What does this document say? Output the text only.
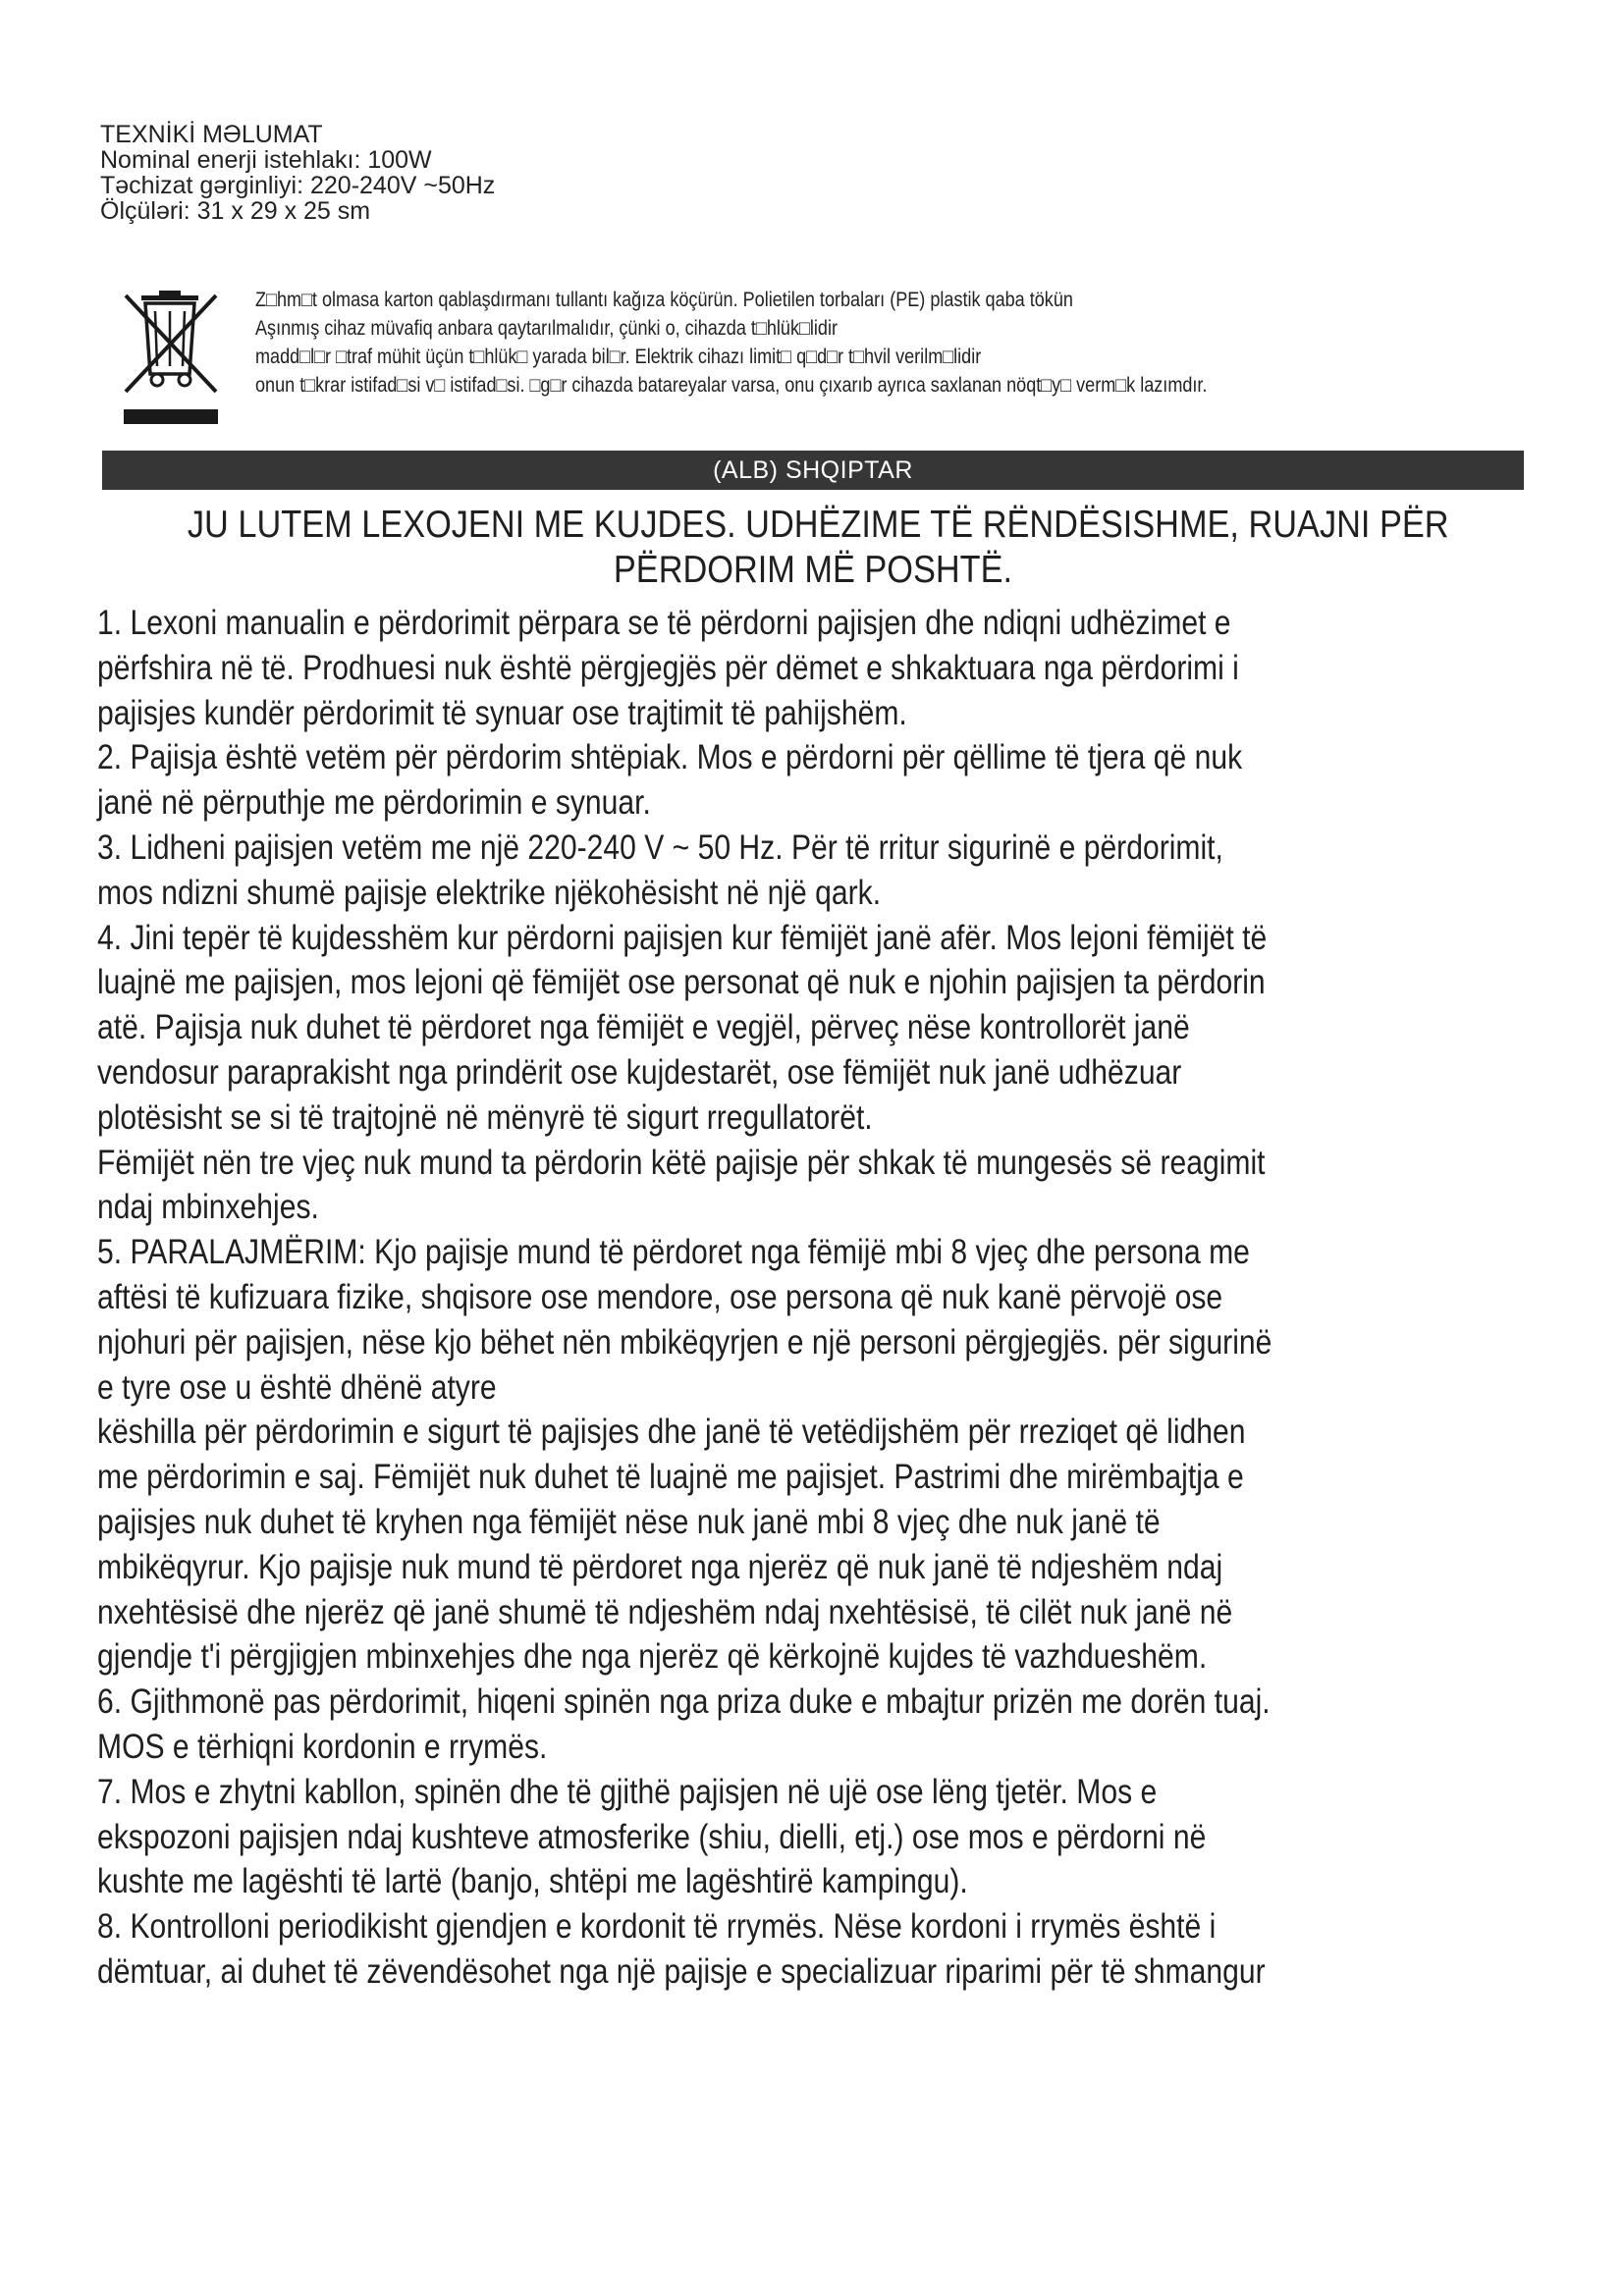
TEXNİKİ MƏLUMAT
Nominal enerji istehlakı: 100W
Təchizat gərginliyi: 220-240V ~50Hz
Ölçüləri: 31 x 29 x 25 sm
Z□hm□t olmasa karton qablaşdırmanı tullantı kağıza köçürün. Polietilen torbaları (PE) plastik qaba tökün
Aşınmış cihaz müvafiq anbara qaytarılmalıdır, çünki o, cihazda t□hlük□lidir
madd□l□r □traf mühit üçün t□hlük□ yarada bil□r. Elektrik cihazı limit□ q□d□r t□hvil verilm□lidir
onun t□krar istifad□si v□ istifad□si. □g□r cihazda batareyalar varsa, onu çıxarıb ayrıca saxlanan nöqt□y□ verm□k lazımdır.
(ALB) SHQIPTAR
JU LUTEM LEXOJENI ME KUJDES. UDHËZIME TË RËNDËSISHME, RUAJNI PËR
PËRDORIM MË POSHTË.
1. Lexoni manualin e përdorimit përpara se të përdorni pajisjen dhe ndiqni udhëzimet e
përfshira në të. Prodhuesi nuk është përgjegjës për dëmet e shkaktuara nga përdorimi i
pajisjes kundër përdorimit të synuar ose trajtimit të pahijshëm.
2. Pajisja është vetëm për përdorim shtëpiak. Mos e përdorni për qëllime të tjera që nuk
janë në përputhje me përdorimin e synuar.
3. Lidheni pajisjen vetëm me një 220-240 V ~ 50 Hz. Për të rritur sigurinë e përdorimit,
mos ndizni shumë pajisje elektrike njëkohësisht në një qark.
4. Jini tepër të kujdesshëm kur përdorni pajisjen kur fëmijët janë afër. Mos lejoni fëmijët të
luajnë me pajisjen, mos lejoni që fëmijët ose personat që nuk e njohin pajisjen ta përdorin
atë. Pajisja nuk duhet të përdoret nga fëmijët e vegjël, përveç nëse kontrollorët janë
vendosur paraprakisht nga prindërit ose kujdestarët, ose fëmijët nuk janë udhëzuar
plotësisht se si të trajtojnë në mënyrë të sigurt rregullatorët.
Fëmijët nën tre vjeç nuk mund ta përdorin këtë pajisje për shkak të mungesës së reagimit
ndaj mbinxehjes.
5. PARALAJMËRIM: Kjo pajisje mund të përdoret nga fëmijë mbi 8 vjeç dhe persona me
aftësi të kufizuara fizike, shqisore ose mendore, ose persona që nuk kanë përvojë ose
njohuri për pajisjen, nëse kjo bëhet nën mbikëqyrjen e një personi përgjegjës. për sigurinë
e tyre ose u është dhënë atyre
këshilla për përdorimin e sigurt të pajisjes dhe janë të vetëdijshëm për rreziqet që lidhen
me përdorimin e saj. Fëmijët nuk duhet të luajnë me pajisjet. Pastrimi dhe mirëmbajtja e
pajisjes nuk duhet të kryhen nga fëmijët nëse nuk janë mbi 8 vjeç dhe nuk janë të
mbikëqyrur. Kjo pajisje nuk mund të përdoret nga njerëz që nuk janë të ndjeshëm ndaj
nxehtësisë dhe njerëz që janë shumë të ndjeshëm ndaj nxehtësisë, të cilët nuk janë në
gjendje t'i përgjigjen mbinxehjes dhe nga njerëz që kërkojnë kujdes të vazhdueshëm.
6. Gjithmonë pas përdorimit, hiqeni spinën nga priza duke e mbajtur prizën me dorën tuaj.
MOS e tërhiqni kordonin e rrymës.
7. Mos e zhytni kabllon, spinën dhe të gjithë pajisjen në ujë ose lëng tjetër. Mos e
ekspozoni pajisjen ndaj kushteve atmosferike (shiu, dielli, etj.) ose mos e përdorni në
kushte me lagështi të lartë (banjo, shtëpi me lagështirë kampingu).
8. Kontrolloni periodikisht gjendjen e kordonit të rrymës. Nëse kordoni i rrymës është i
dëmtuar, ai duhet të zëvendësohet nga një pajisje e specializuar riparimi për të shmangur
